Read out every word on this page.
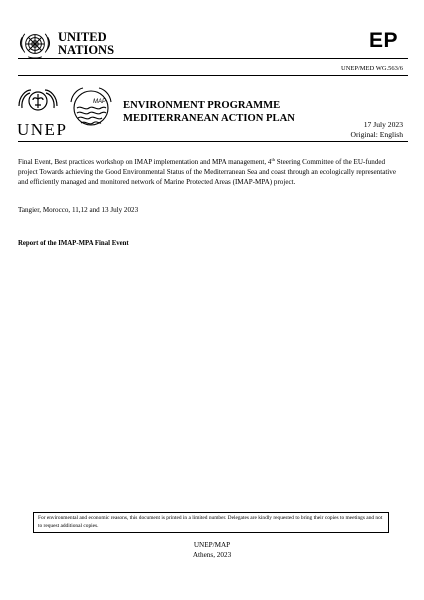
UNITED
NATIONS	EP
UNEP/MED WG.563/6
MAP
UNEP
ENVIRONMENT PROGRAMME
MEDITERRANEAN ACTION PLAN
17 July 2023
Original: English
Final Event, Best practices workshop on IMAP implementation and MPA management, 4th Steering Committee of the EU-funded project Towards achieving the Good Environmental Status of the Mediterranean Sea and coast through an ecologically representative and efficiently managed and monitored network of Marine Protected Areas (IMAP-MPA) project.
Tangier, Morocco, 11,12 and 13 July 2023
Report of the IMAP-MPA Final Event
For environmental and economic reasons, this document is printed in a limited number. Delegates are kindly requested to bring their copies to meetings and not to request additional copies.
UNEP/MAP
Athens, 2023
